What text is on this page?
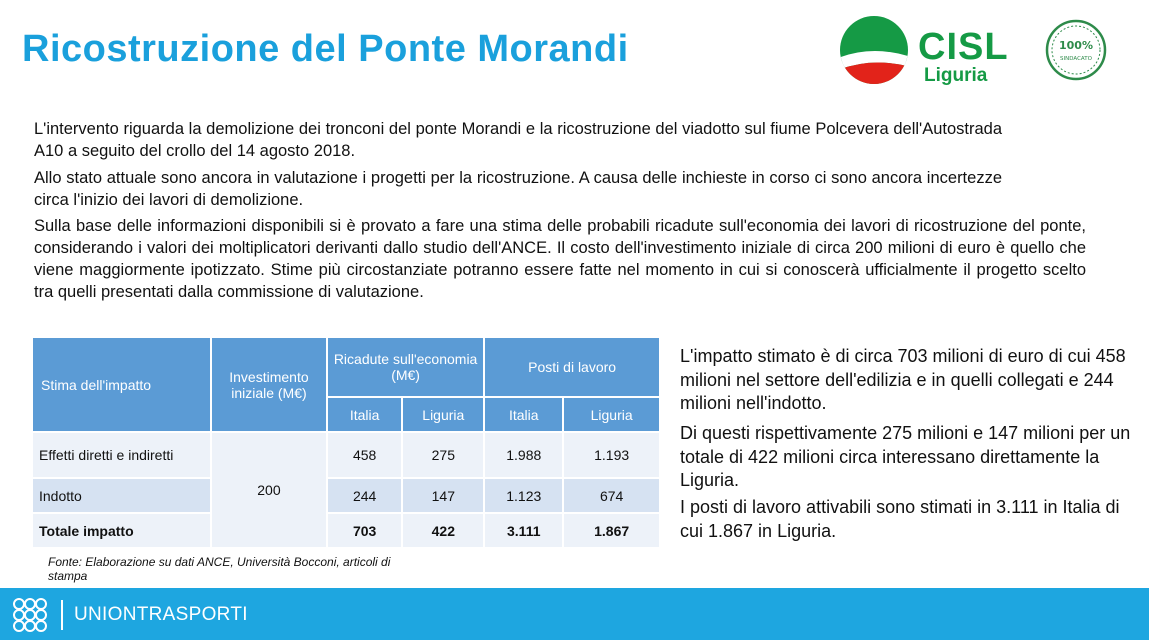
Ricostruzione del Ponte Morandi	CISL
Liguria
100%
SINDACATO
L'intervento riguarda la demolizione dei tronconi del ponte Morandi e la ricostruzione del viadotto sul fiume Polcevera dell'Autostrada A10 a seguito del crollo del 14 agosto 2018.
Allo stato attuale sono ancora in valutazione i progetti per la ricostruzione. A causa delle inchieste in corso ci sono ancora incertezze circa l'inizio dei lavori di demolizione.
Sulla base delle informazioni disponibili si è provato a fare una stima delle probabili ricadute sull'economia dei lavori di ricostruzione del ponte, considerando i valori dei moltiplicatori derivanti dallo studio dell'ANCE. Il costo dell'investimento iniziale di circa 200 milioni di euro è quello che viene maggiormente ipotizzato. Stime più circostanziate potranno essere fatte nel momento in cui si conoscerà ufficialmente il progetto scelto tra quelli presentati dalla commissione di valutazione.
Stima dell'impatto	Investimento iniziale (M€)	Ricadute sull'economia (M€)		Posti di lavoro	
		Italia	Liguria	Italia	Liguria
Effetti diretti e indiretti	200	458	275	1.988	1.193
Indotto		244	147	1.123	674
Totale impatto		703	422	3.111	1.867
Fonte: Elaborazione su dati ANCE, Università Bocconi, articoli di stampa
L'impatto stimato è di circa 703 milioni di euro di cui 458 milioni nel settore dell'edilizia e in quelli collegati e 244 milioni nell'indotto.
Di questi rispettivamente 275 milioni e 147 milioni per un totale di 422 milioni circa interessano direttamente la Liguria.
I posti di lavoro attivabili sono stimati in 3.111 in Italia di cui 1.867 in Liguria.
UNIONTRASPORTI
